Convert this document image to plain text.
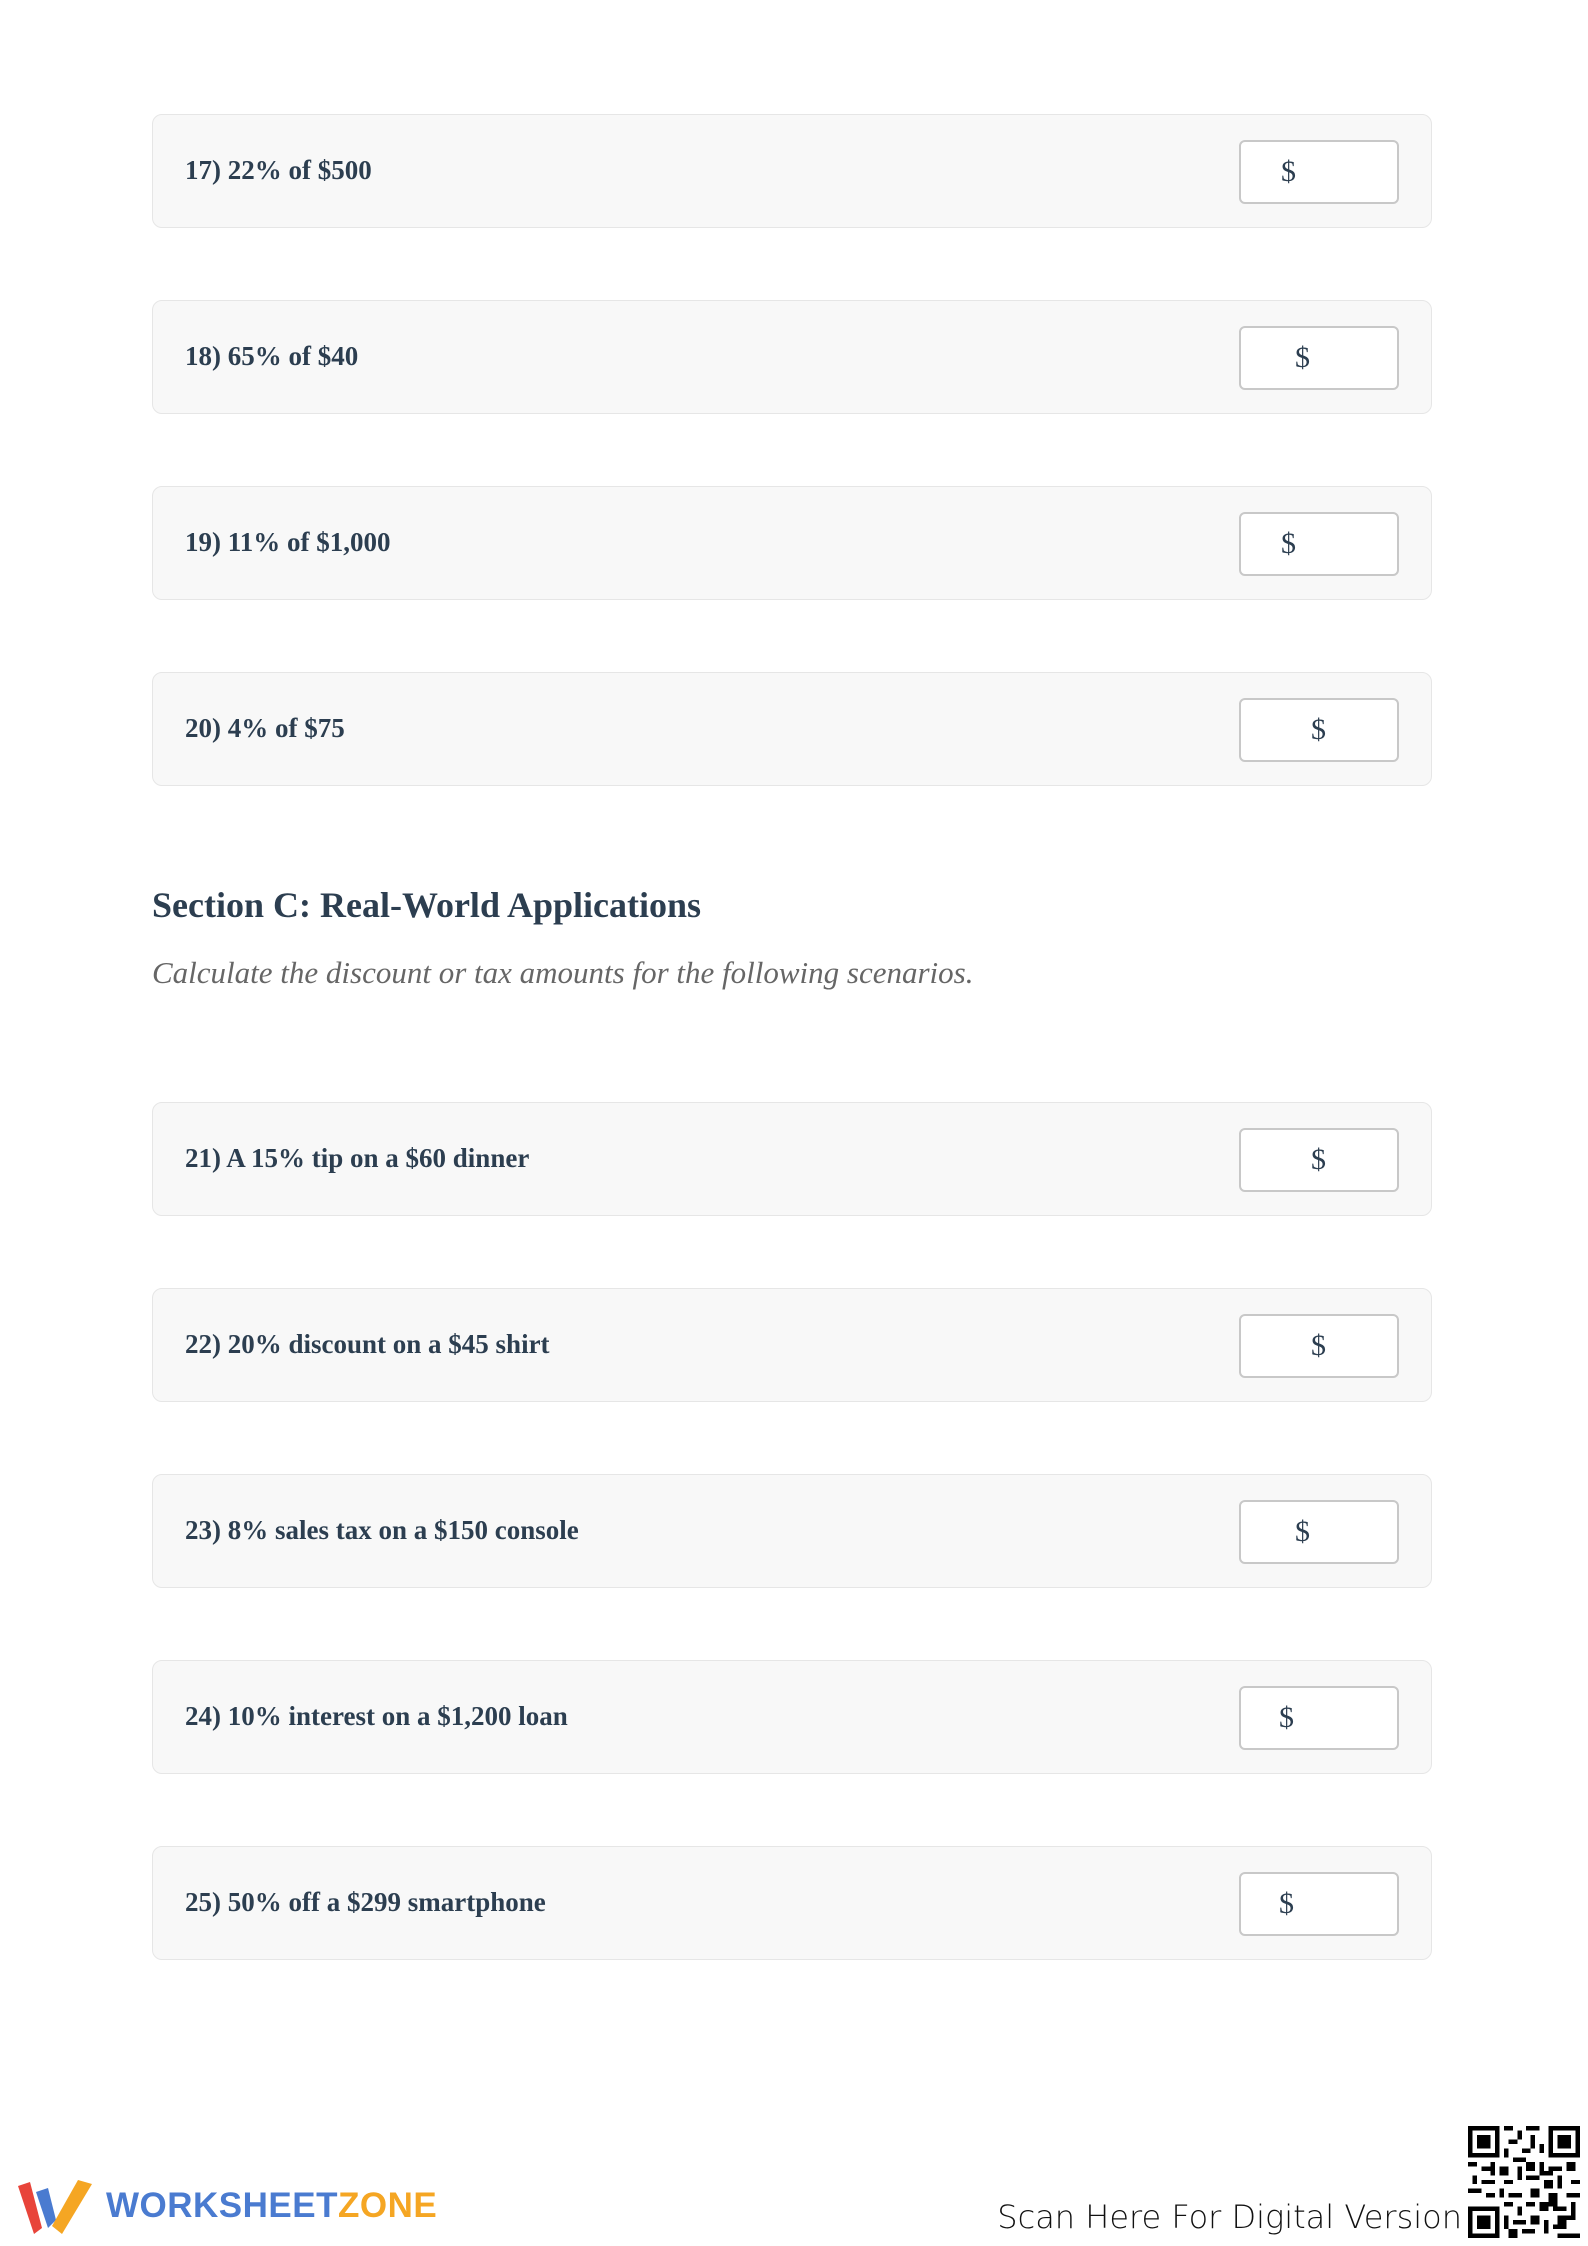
17) 22% of $500	$
18) 65% of $40	$
19) 11% of $1,000	$
20) 4% of $75	$
Section C: Real-World Applications
Calculate the discount or tax amounts for the following scenarios.
21) A 15% tip on a $60 dinner	$
22) 20% discount on a $45 shirt	$
23) 8% sales tax on a $150 console	$
24) 10% interest on a $1,200 loan	$
25) 50% off a $299 smartphone	$
WORKSHEETZONE	Scan Here For Digital Version
